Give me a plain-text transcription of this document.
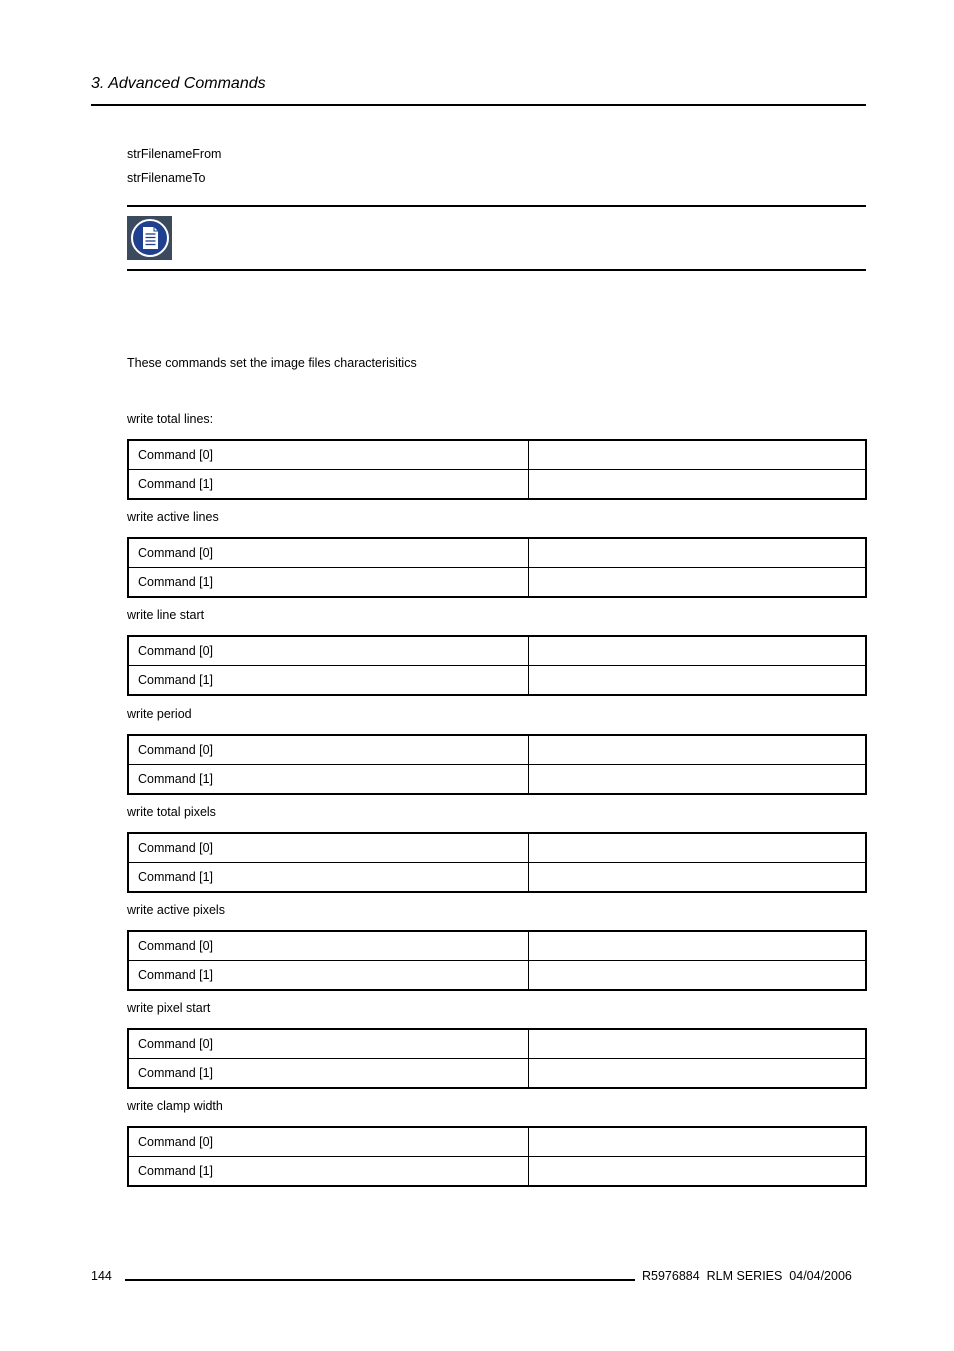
3. Advanced Commands
strFilenameFrom
strFilenameTo
These commands set the image files characterisitics
write total lines:
Command [0]	
Command [1]	
write active lines
Command [0]	
Command [1]	
write line start
Command [0]	
Command [1]	
write period
Command [0]	
Command [1]	
write total pixels
Command [0]	
Command [1]	
write active pixels
Command [0]	
Command [1]	
write pixel start
Command [0]	
Command [1]	
write clamp width
Command [0]	
Command [1]	
144	R5976884  RLM SERIES  04/04/2006
